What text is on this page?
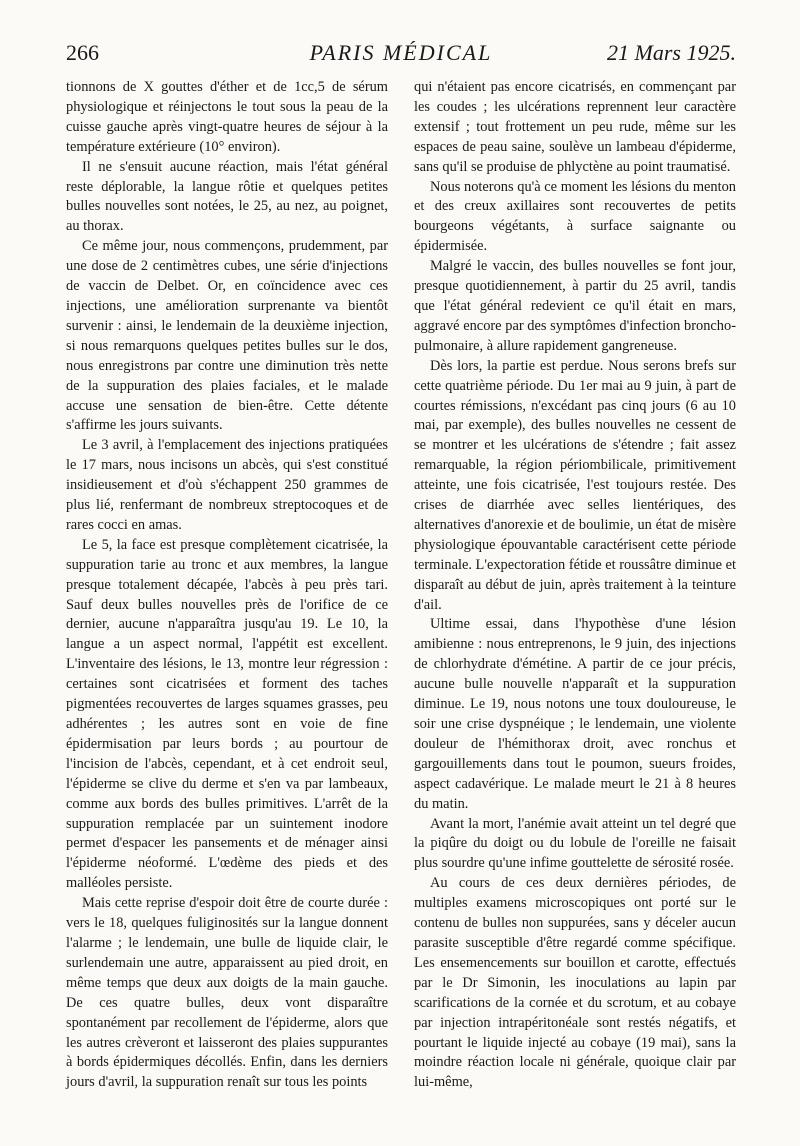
266	PARIS MÉDICAL	21 Mars 1925.

tionnons de X gouttes d'éther et de 1cc,5 de sérum physiologique et réinjectons le tout sous la peau de la cuisse gauche après vingt-quatre heures de séjour à la température extérieure (10° environ).

Il ne s'ensuit aucune réaction, mais l'état général reste déplorable, la langue rôtie et quelques petites bulles nouvelles sont notées, le 25, au nez, au poignet, au thorax.

Ce même jour, nous commençons, prudemment, par une dose de 2 centimètres cubes, une série d'injections de vaccin de Delbet. Or, en coïncidence avec ces injections, une amélioration surprenante va bientôt survenir : ainsi, le lendemain de la deuxième injection, si nous remarquons quelques petites bulles sur le dos, nous enregistrons par contre une diminution très nette de la suppuration des plaies faciales, et le malade accuse une sensation de bien-être. Cette détente s'affirme les jours suivants.

Le 3 avril, à l'emplacement des injections pratiquées le 17 mars, nous incisons un abcès, qui s'est constitué insidieusement et d'où s'échappent 250 grammes de plus lié, renfermant de nombreux streptocoques et de rares cocci en amas.

Le 5, la face est presque complètement cicatrisée, la suppuration tarie au tronc et aux membres, la langue presque totalement décapée, l'abcès à peu près tari. Sauf deux bulles nouvelles près de l'orifice de ce dernier, aucune n'apparaîtra jusqu'au 19. Le 10, la langue a un aspect normal, l'appétit est excellent. L'inventaire des lésions, le 13, montre leur régression : certaines sont cicatrisées et forment des taches pigmentées recouvertes de larges squames grasses, peu adhérentes ; les autres sont en voie de fine épidermisation par leurs bords ; au pourtour de l'incision de l'abcès, cependant, et à cet endroit seul, l'épiderme se clive du derme et s'en va par lambeaux, comme aux bords des bulles primitives. L'arrêt de la suppuration remplacée par un suintement inodore permet d'espacer les pansements et de ménager ainsi l'épiderme néoformé. L'œdème des pieds et des malléoles persiste.

Mais cette reprise d'espoir doit être de courte durée : vers le 18, quelques fuliginosités sur la langue donnent l'alarme ; le lendemain, une bulle de liquide clair, le surlendemain une autre, apparaissent au pied droit, en même temps que deux aux doigts de la main gauche. De ces quatre bulles, deux vont disparaître spontanément par recollement de l'épiderme, alors que les autres crèveront et laisseront des plaies suppurantes à bords épidermiques décollés. Enfin, dans les derniers jours d'avril, la suppuration renaît sur tous les points

qui n'étaient pas encore cicatrisés, en commençant par les coudes ; les ulcérations reprennent leur caractère extensif ; tout frottement un peu rude, même sur les espaces de peau saine, soulève un lambeau d'épiderme, sans qu'il se produise de phlyctène au point traumatisé.

Nous noterons qu'à ce moment les lésions du menton et des creux axillaires sont recouvertes de petits bourgeons végétants, à surface saignante ou épidermisée.

Malgré le vaccin, des bulles nouvelles se font jour, presque quotidiennement, à partir du 25 avril, tandis que l'état général redevient ce qu'il était en mars, aggravé encore par des symptômes d'infection broncho-pulmonaire, à allure rapidement gangreneuse.

Dès lors, la partie est perdue. Nous serons brefs sur cette quatrième période. Du 1er mai au 9 juin, à part de courtes rémissions, n'excédant pas cinq jours (6 au 10 mai, par exemple), des bulles nouvelles ne cessent de se montrer et les ulcérations de s'étendre ; fait assez remarquable, la région périombilicale, primitivement atteinte, une fois cicatrisée, l'est toujours restée. Des crises de diarrhée avec selles lientériques, des alternatives d'anorexie et de boulimie, un état de misère physiologique épouvantable caractérisent cette période terminale. L'expectoration fétide et roussâtre diminue et disparaît au début de juin, après traitement à la teinture d'ail.

Ultime essai, dans l'hypothèse d'une lésion amibienne : nous entreprenons, le 9 juin, des injections de chlorhydrate d'émétine. A partir de ce jour précis, aucune bulle nouvelle n'apparaît et la suppuration diminue. Le 19, nous notons une toux douloureuse, le soir une crise dyspnéique ; le lendemain, une violente douleur de l'hémithorax droit, avec ronchus et gargouillements dans tout le poumon, sueurs froides, aspect cadavérique. Le malade meurt le 21 à 8 heures du matin.

Avant la mort, l'anémie avait atteint un tel degré que la piqûre du doigt ou du lobule de l'oreille ne faisait plus sourdre qu'une infime gouttelette de sérosité rosée.

Au cours de ces deux dernières périodes, de multiples examens microscopiques ont porté sur le contenu de bulles non suppurées, sans y déceler aucun parasite susceptible d'être regardé comme spécifique. Les ensemencements sur bouillon et carotte, effectués par le Dr Simonin, les inoculations au lapin par scarifications de la cornée et du scrotum, et au cobaye par injection intrapéritonéale sont restés négatifs, et pourtant le liquide injecté au cobaye (19 mai), sans la moindre réaction locale ni générale, quoique clair par lui-même,
